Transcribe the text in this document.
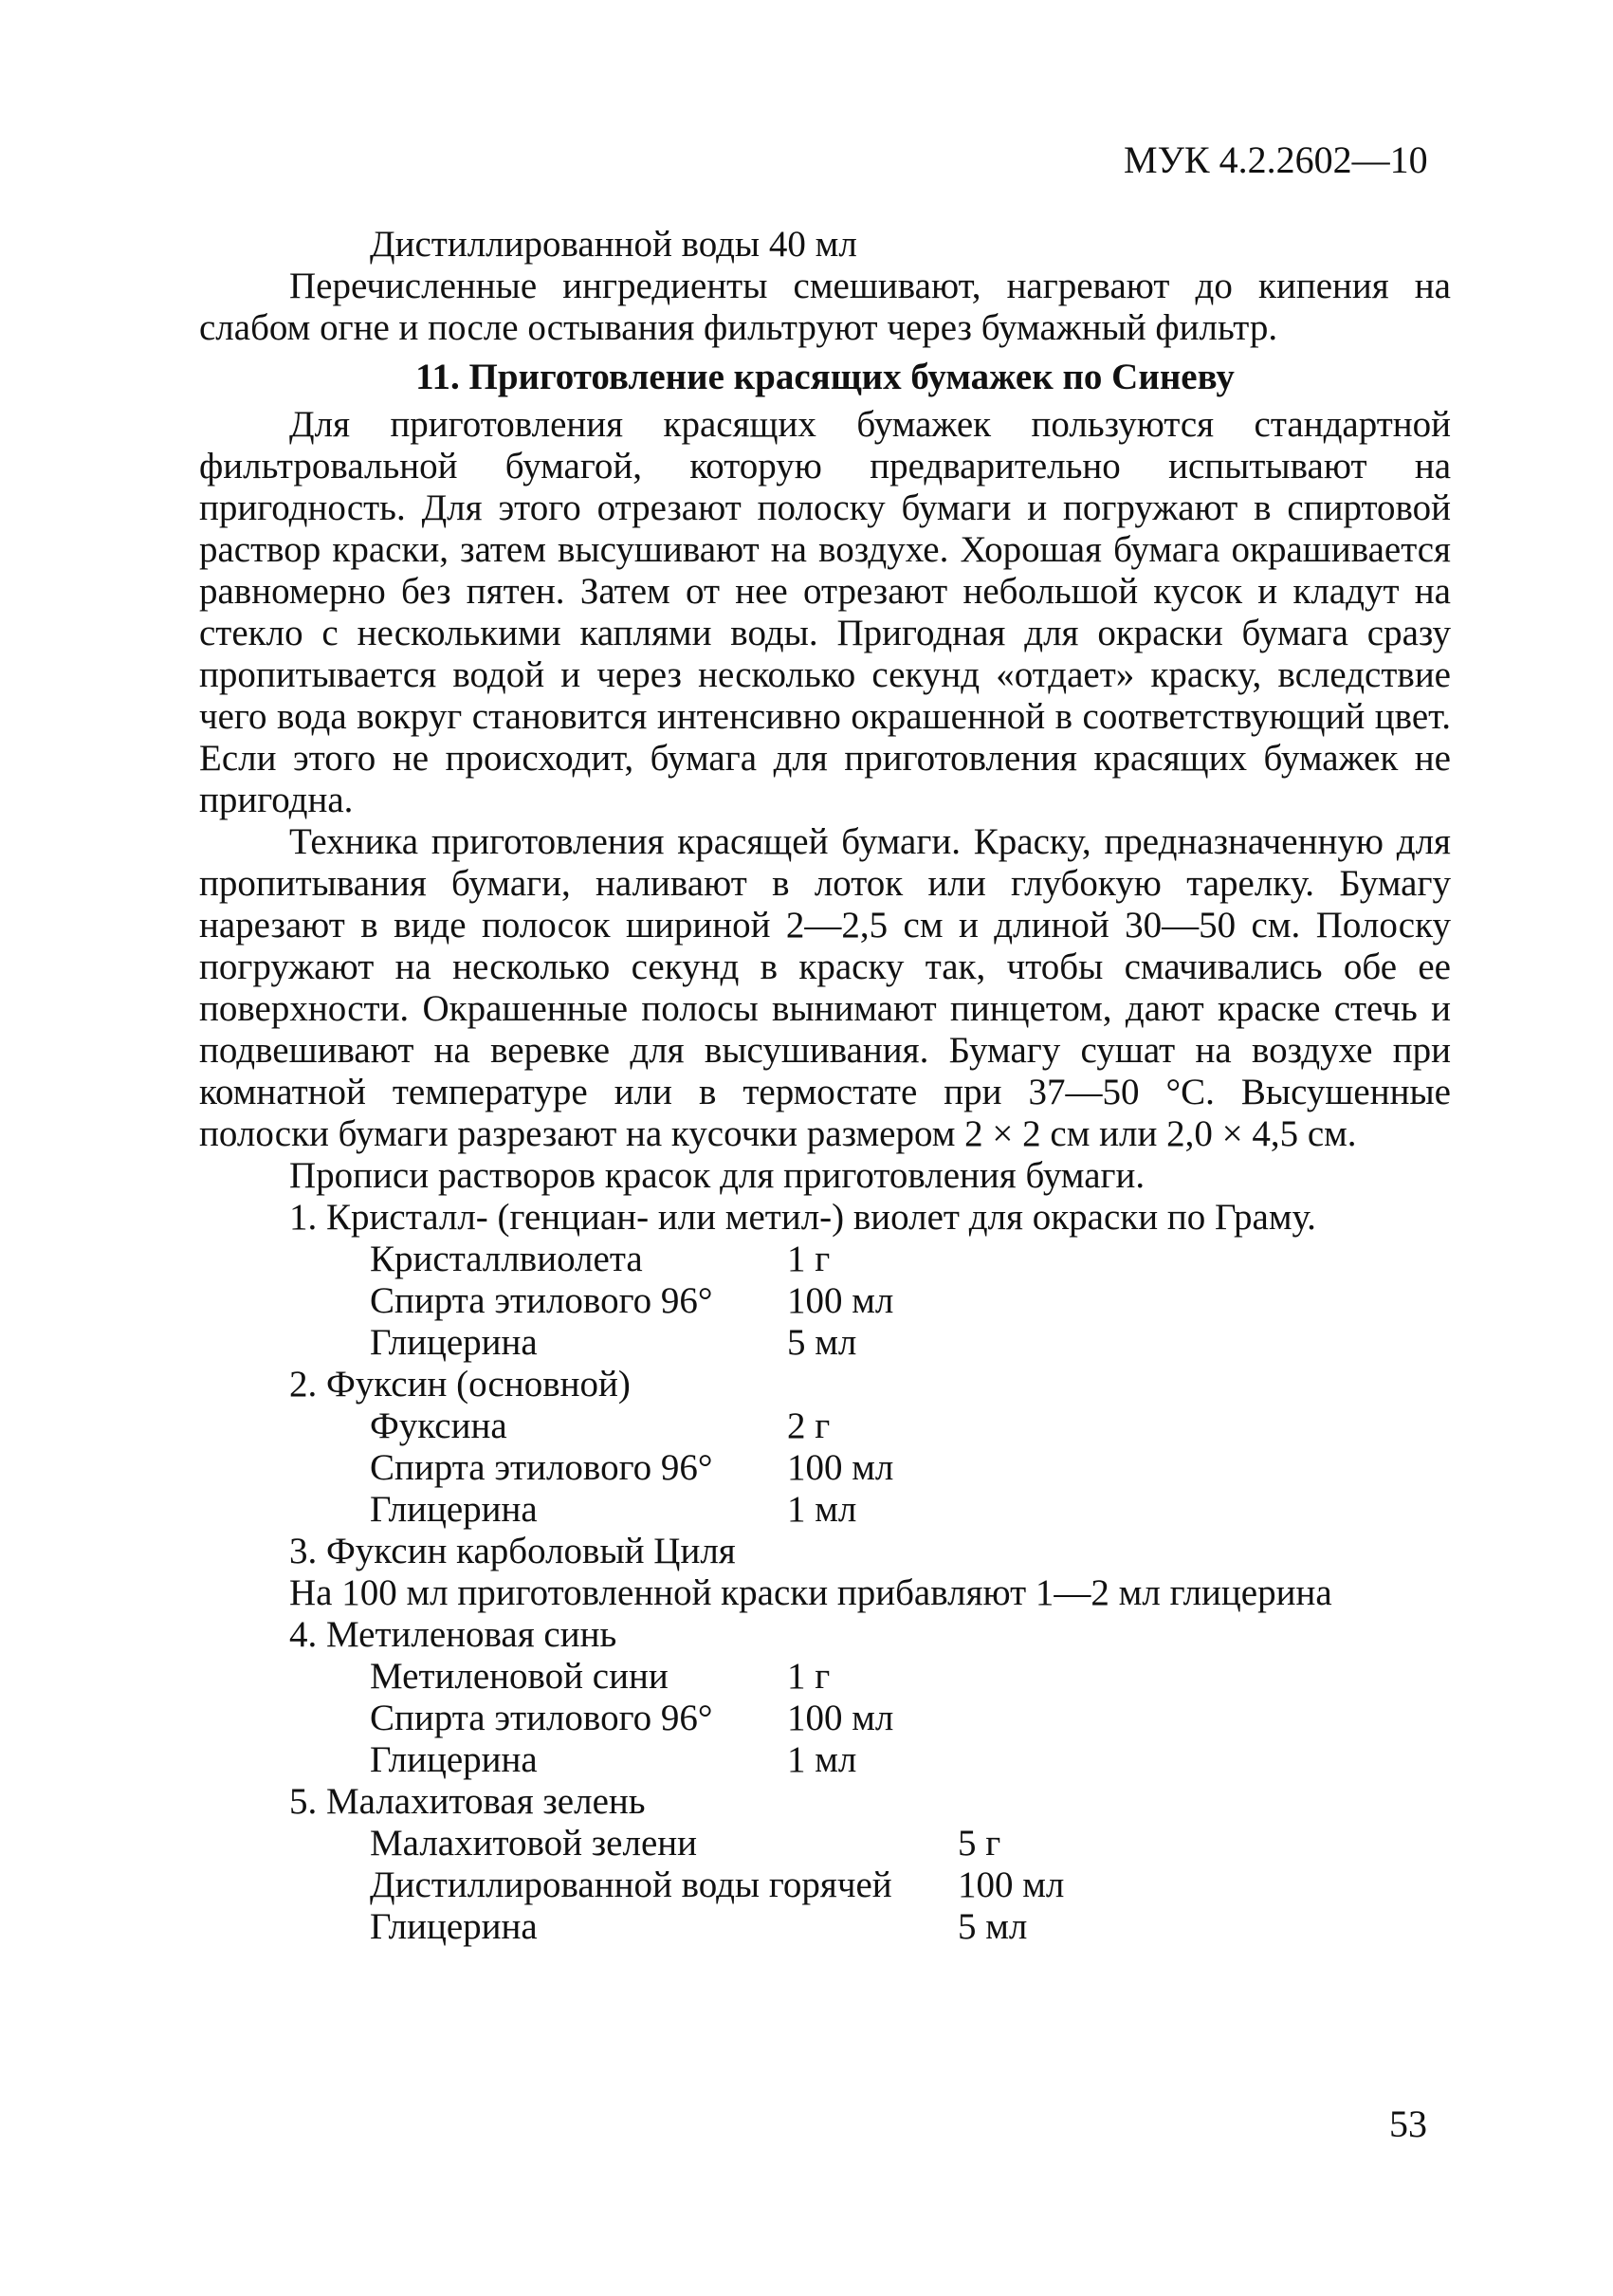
МУК 4.2.2602—10

Дистиллированной воды 40 мл

Перечисленные ингредиенты смешивают, нагревают до кипения на слабом огне и после остывания фильтруют через бумажный фильтр.

11. Приготовление красящих бумажек по Синеву

Для приготовления красящих бумажек пользуются стандартной фильтровальной бумагой, которую предварительно испытывают на пригодность. Для этого отрезают полоску бумаги и погружают в спиртовой раствор краски, затем высушивают на воздухе. Хорошая бумага окрашивается равномерно без пятен. Затем от нее отрезают небольшой кусок и кладут на стекло с несколькими каплями воды. Пригодная для окраски бумага сразу пропитывается водой и через несколько секунд «отдает» краску, вследствие чего вода вокруг становится интенсивно окрашенной в соответствующий цвет. Если этого не происходит, бумага для приготовления красящих бумажек не пригодна.

Техника приготовления красящей бумаги. Краску, предназначенную для пропитывания бумаги, наливают в лоток или глубокую тарелку. Бумагу нарезают в виде полосок шириной 2—2,5 см и длиной 30—50 см. Полоску погружают на несколько секунд в краску так, чтобы смачивались обе ее поверхности. Окрашенные полосы вынимают пинцетом, дают краске стечь и подвешивают на веревке для высушивания. Бумагу сушат на воздухе при комнатной температуре или в термостате при 37—50 °С. Высушенные полоски бумаги разрезают на кусочки размером 2 × 2 см или 2,0 × 4,5 см.

Прописи растворов красок для приготовления бумаги.

1. Кристалл- (генциан- или метил-) виолет для окраски по Граму.

Кристаллвиолета	1 г
Спирта этилового 96°	100 мл
Глицерина	5 мл

2. Фуксин (основной)

Фуксина	2 г
Спирта этилового 96°	100 мл
Глицерина	1 мл

3. Фуксин карболовый Циля

На 100 мл приготовленной краски прибавляют 1—2 мл глицерина

4. Метиленовая синь

Метиленовой сини	1 г
Спирта этилового 96°	100 мл
Глицерина	1 мл

5. Малахитовая зелень

Малахитовой зелени	5 г
Дистиллированной воды горячей	100 мл
Глицерина	5 мл
53
